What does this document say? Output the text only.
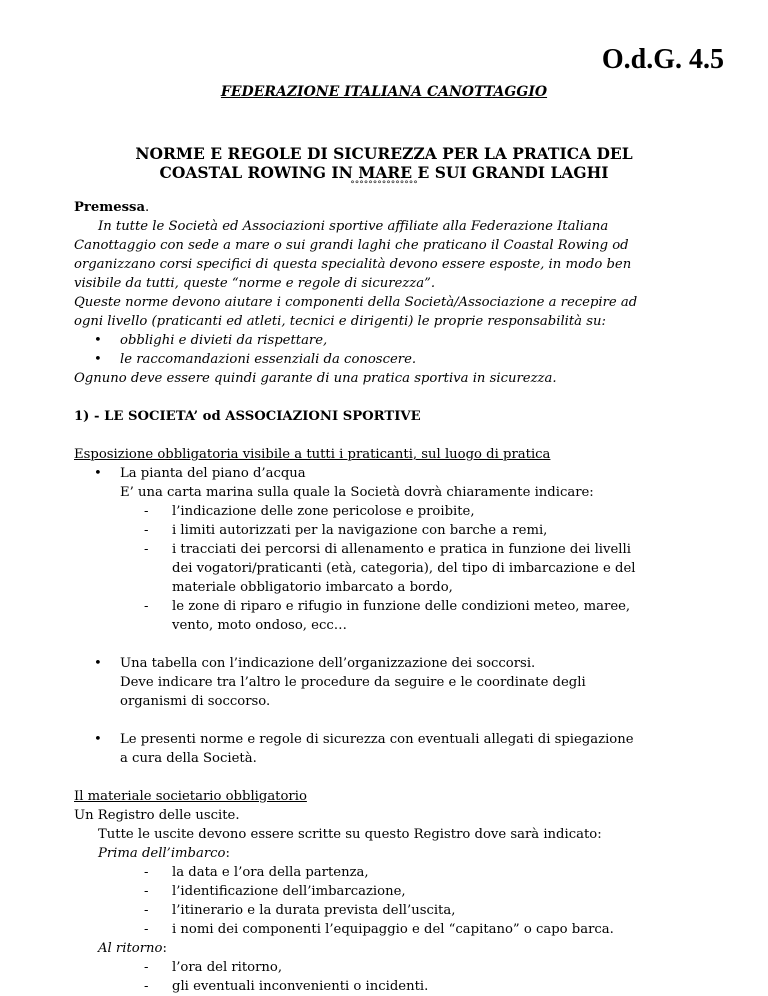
O.d.G. 4.5
FEDERAZIONE ITALIANA CANOTTAGGIO
NORME E REGOLE DI SICUREZZA PER LA PRATICA DEL
COASTAL ROWING IN MARE E SUI GRANDI LAGHI
°°°°°°°°°°°°°°°
Premessa.
In tutte le Società ed Associazioni sportive affiliate alla Federazione Italiana
Canottaggio con sede a mare o sui grandi laghi che praticano il Coastal Rowing od
organizzano corsi specifici di questa specialità devono essere esposte, in modo ben
visibile da tutti, queste “norme e regole di sicurezza”.
Queste norme devono aiutare i componenti della Società/Associazione a recepire ad
ogni livello (praticanti ed atleti, tecnici e dirigenti) le proprie responsabilità su:
• obblighi e divieti da rispettare,
• le raccomandazioni essenziali da conoscere.
Ognuno deve essere quindi garante di una pratica sportiva in sicurezza.
1) - LE SOCIETA’ od ASSOCIAZIONI SPORTIVE
Esposizione obbligatoria visibile a tutti i praticanti, sul luogo di pratica
• La pianta del piano d’acqua
E’ una carta marina sulla quale la Società dovrà chiaramente indicare:
- l’indicazione delle zone pericolose e proibite,
- i limiti autorizzati per la navigazione con barche a remi,
- i tracciati dei percorsi di allenamento e pratica in funzione dei livelli
dei vogatori/praticanti (età, categoria), del tipo di imbarcazione e del
materiale obbligatorio imbarcato a bordo,
- le zone di riparo e rifugio in funzione delle condizioni meteo, maree,
vento, moto ondoso, ecc…
• Una tabella con l’indicazione dell’organizzazione dei soccorsi.
Deve indicare tra l’altro le procedure da seguire e le coordinate degli
organismi di soccorso.
• Le presenti norme e regole di sicurezza con eventuali allegati di spiegazione
a cura della Società.
Il materiale societario obbligatorio
Un Registro delle uscite.
Tutte le uscite devono essere scritte su questo Registro dove sarà indicato:
Prima dell’imbarco:
- la data e l’ora della partenza,
- l’identificazione dell’imbarcazione,
- l’itinerario e la durata prevista dell’uscita,
- i nomi dei componenti l’equipaggio e del “capitano” o capo barca.
Al ritorno:
- l’ora del ritorno,
- gli eventuali inconvenienti o incidenti.
